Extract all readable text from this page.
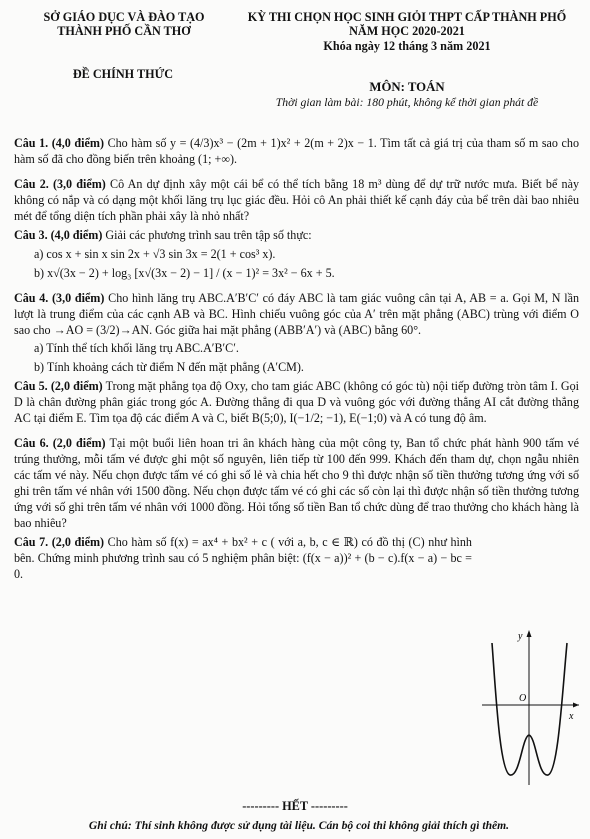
SỞ GIÁO DỤC VÀ ĐÀO TẠO
THÀNH PHỐ CẦN THƠ
ĐỀ CHÍNH THỨC
KỲ THI CHỌN HỌC SINH GIỎI THPT CẤP THÀNH PHỐ
NĂM HỌC 2020-2021
Khóa ngày 12 tháng 3 năm 2021
MÔN: TOÁN
Thời gian làm bài: 180 phút, không kể thời gian phát đề

Câu 1. (4,0 điểm) Cho hàm số y = (4/3)x³ − (2m + 1)x² + 2(m + 2)x − 1. Tìm tất cả giá trị của tham số m sao cho hàm số đã cho đồng biến trên khoảng (1; +∞).

Câu 2. (3,0 điểm) Cô An dự định xây một cái bể có thể tích bằng 18 m³ dùng để dự trữ nước mưa. Biết bể này không có nắp và có dạng một khối lăng trụ lục giác đều. Hỏi cô An phải thiết kế cạnh đáy của bể trên dài bao nhiêu mét để tổng diện tích phần phải xây là nhỏ nhất?

Câu 3. (4,0 điểm) Giải các phương trình sau trên tập số thực:

a) cos x + sin x sin 2x + √3 sin 3x = 2(1 + cos³ x).

b) x√(3x − 2) + log₃ [x√(3x − 2) − 1] / (x − 1)² = 3x² − 6x + 5.

Câu 4. (3,0 điểm) Cho hình lăng trụ ABC.A′B′C′ có đáy ABC là tam giác vuông cân tại A, AB = a. Gọi M, N lần lượt là trung điểm của các cạnh AB và BC. Hình chiếu vuông góc của A′ trên mặt phẳng (ABC) trùng với điểm O sao cho →AO = (3/2)→AN. Góc giữa hai mặt phẳng (ABB′A′) và (ABC) bằng 60°.

a) Tính thể tích khối lăng trụ ABC.A′B′C′.

b) Tính khoảng cách từ điểm N đến mặt phẳng (A′CM).

Câu 5. (2,0 điểm) Trong mặt phẳng tọa độ Oxy, cho tam giác ABC (không có góc tù) nội tiếp đường tròn tâm I. Gọi D là chân đường phân giác trong góc A. Đường thẳng đi qua D và vuông góc với đường thẳng AI cắt đường thẳng AC tại điểm E. Tìm tọa độ các điểm A và C, biết B(5;0), I(−1/2; −1), E(−1;0) và A có tung độ âm.

Câu 6. (2,0 điểm) Tại một buổi liên hoan tri ân khách hàng của một công ty, Ban tổ chức phát hành 900 tấm vé trúng thưởng, mỗi tấm vé được ghi một số nguyên, liên tiếp từ 100 đến 999. Khách đến tham dự, chọn ngẫu nhiên các tấm vé này. Nếu chọn được tấm vé có ghi số lẻ và chia hết cho 9 thì được nhận số tiền thưởng tương ứng với số ghi trên tấm vé nhân với 1500 đồng. Nếu chọn được tấm vé có ghi các số còn lại thì được nhận số tiền thưởng tương ứng với số ghi trên tấm vé nhân với 1000 đồng. Hỏi tổng số tiền Ban tổ chức dùng để trao thưởng cho khách hàng là bao nhiêu?

Câu 7. (2,0 điểm) Cho hàm số f(x) = ax⁴ + bx² + c ( với a, b, c ∈ ℝ) có đồ thị (C) như hình bên. Chứng minh phương trình sau có 5 nghiệm phân biệt: (f(x − a))² + (b − c).f(x − a) − bc = 0.

y
x
O
--------- HẾT ---------
Ghi chú: Thí sinh không được sử dụng tài liệu. Cán bộ coi thi không giải thích gì thêm.
